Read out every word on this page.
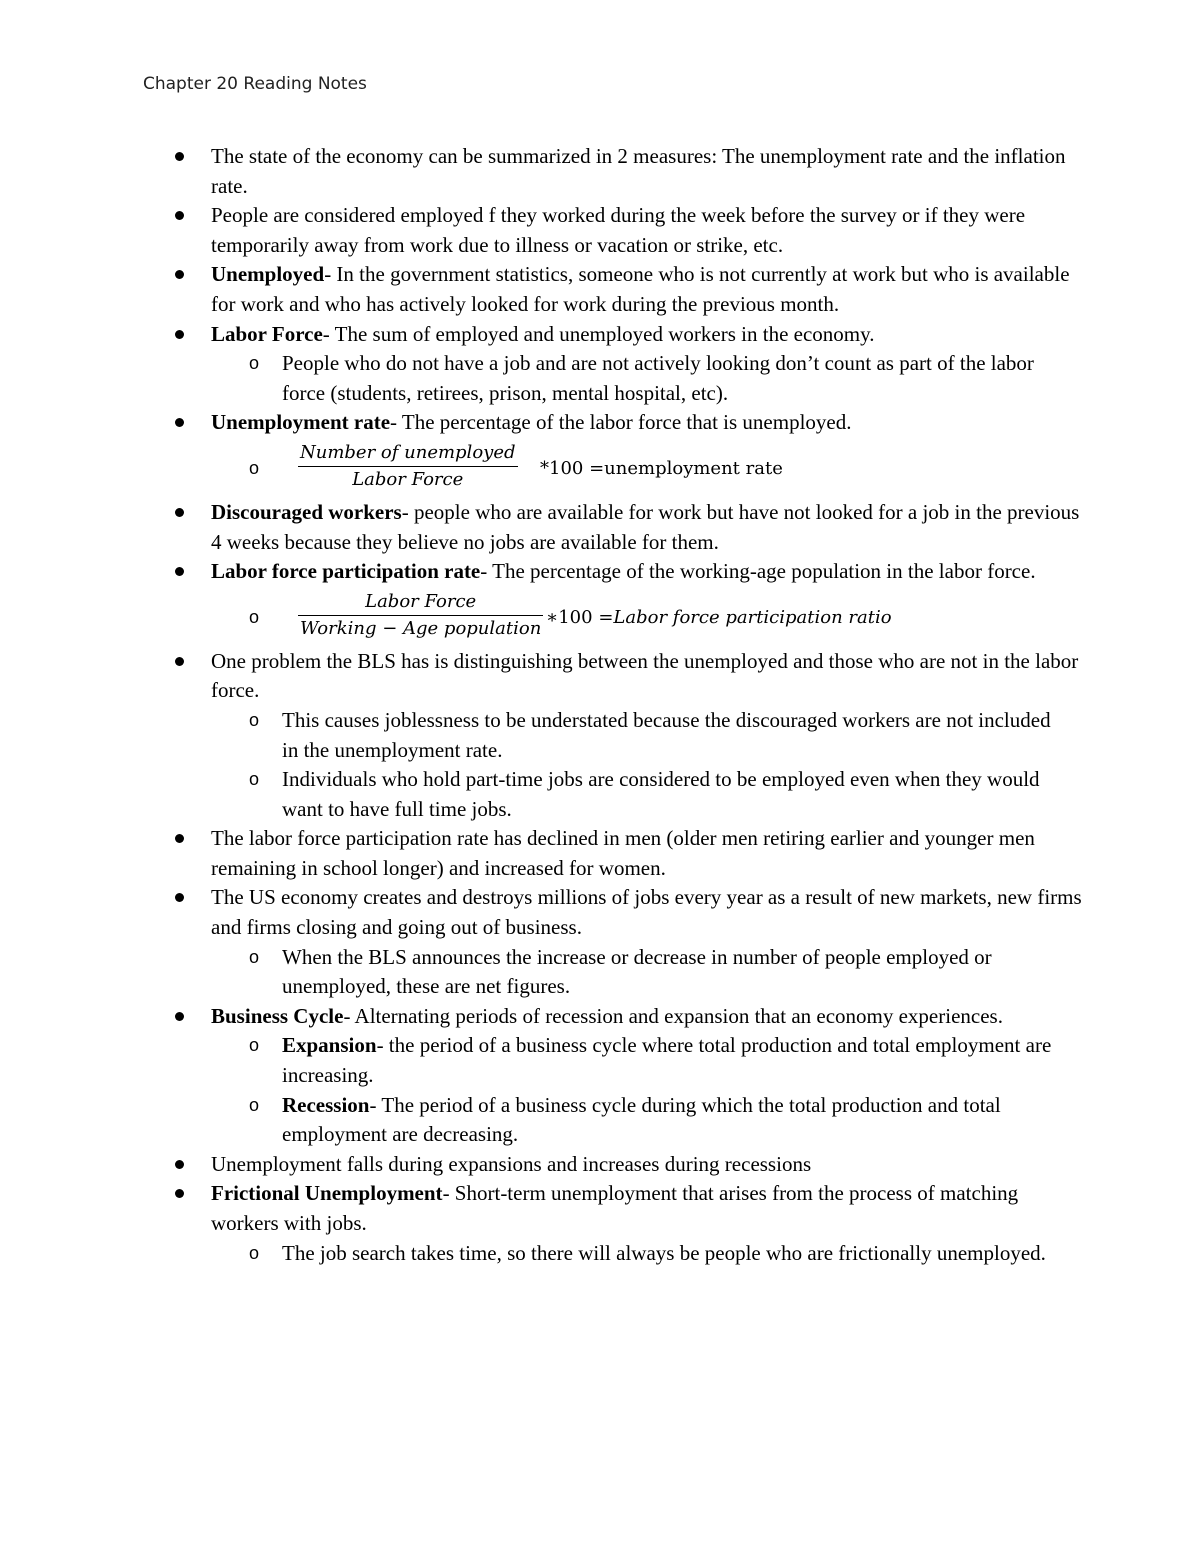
Chapter 20 Reading Notes
The state of the economy can be summarized in 2 measures: The unemployment rate and the inflation rate.
People are considered employed f they worked during the week before the survey or if they were temporarily away from work due to illness or vacation or strike, etc.
Unemployed- In the government statistics, someone who is not currently at work but who is available for work and who has actively looked for work during the previous month.
Labor Force- The sum of employed and unemployed workers in the economy.
o People who do not have a job and are not actively looking don’t count as part of the labor force (students, retirees, prison, mental hospital, etc).
Unemployment rate- The percentage of the labor force that is unemployed.
o
Number of unemployed
Labor Force
*100 =unemployment rate
Discouraged workers- people who are available for work but have not looked for a job in the previous 4 weeks because they believe no jobs are available for them.
Labor force participation rate- The percentage of the working-age population in the labor force.
o
Labor Force
Working − Age population
∗100 =Labor force participation ratio
One problem the BLS has is distinguishing between the unemployed and those who are not in the labor force.
o This causes joblessness to be understated because the discouraged workers are not included in the unemployment rate.
o Individuals who hold part-time jobs are considered to be employed even when they would want to have full time jobs.
The labor force participation rate has declined in men (older men retiring earlier and younger men remaining in school longer) and increased for women.
The US economy creates and destroys millions of jobs every year as a result of new markets, new firms and firms closing and going out of business.
o When the BLS announces the increase or decrease in number of people employed or unemployed, these are net figures.
Business Cycle- Alternating periods of recession and expansion that an economy experiences.
o Expansion- the period of a business cycle where total production and total employment are increasing.
o Recession- The period of a business cycle during which the total production and total employment are decreasing.
Unemployment falls during expansions and increases during recessions
Frictional Unemployment- Short-term unemployment that arises from the process of matching workers with jobs.
o The job search takes time, so there will always be people who are frictionally unemployed.
